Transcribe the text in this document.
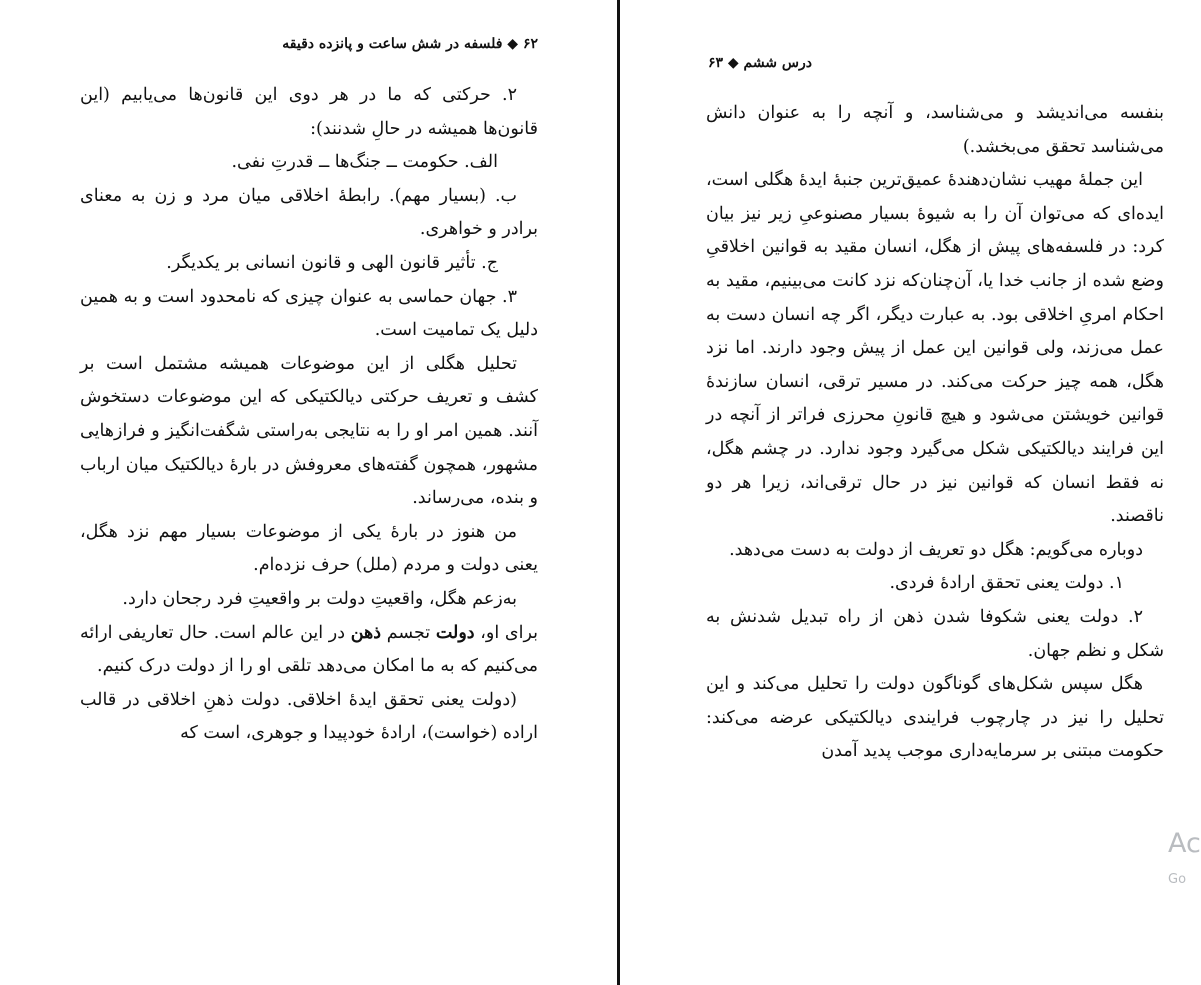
۶۲ ◆ فلسفه در شش ساعت و پانزده دقیقه
درس ششم ◆ ۶۳

۲. حرکتی که ما در هر دوی این قانون‌ها می‌یابیم (این قانون‌ها همیشه در حالِ شدنند):

الف. حکومت ــ جنگ‌ها ــ قدرتِ نفی.

ب. (بسیار مهم). رابطهٔ اخلاقی میان مرد و زن به معنای برادر و خواهری.

ج. تأثیر قانون الهی و قانون انسانی بر یکدیگر.

۳. جهان حماسی به عنوان چیزی که نامحدود است و به همین دلیل یک تمامیت است.

تحلیل هگلی از این موضوعات همیشه مشتمل است بر کشف و تعریف حرکتی دیالکتیکی که این موضوعات دستخوش آنند. همین امر او را به نتایجی به‌راستی شگفت‌انگیز و فرازهایی مشهور، همچون گفته‌های معروفش در بارهٔ دیالکتیک میان ارباب و بنده، می‌رساند.

من هنوز در بارهٔ یکی از موضوعات بسیار مهم نزد هگل، یعنی دولت و مردم (ملل) حرف نزده‌ام.

به‌زعم هگل، واقعیتِ دولت بر واقعیتِ فرد رجحان دارد.

برای او، دولت تجسم ذهن در این عالم است. حال تعاریفی ارائه می‌کنیم که به ما امکان می‌دهد تلقی او را از دولت درک کنیم.

(دولت یعنی تحقق ایدهٔ اخلاقی. دولت ذهنِ اخلاقی در قالب اراده (خواست)، ارادهٔ خودپیدا و جوهری، است که

بنفسه می‌اندیشد و می‌شناسد، و آنچه را به عنوان دانش می‌شناسد تحقق می‌بخشد.)

این جملهٔ مهیب نشان‌دهندهٔ عمیق‌ترین جنبهٔ ایدهٔ هگلی است، ایده‌ای که می‌توان آن را به شیوهٔ بسیار مصنوعیِ زیر نیز بیان کرد: در فلسفه‌های پیش از هگل، انسان مقید به قوانین اخلاقیِ وضع شده از جانب خدا یا، آن‌چنان‌که نزد کانت می‌بینیم، مقید به احکام امریِ اخلاقی بود. به عبارت دیگر، اگر چه انسان دست به عمل می‌زند، ولی قوانین این عمل از پیش وجود دارند. اما نزد هگل، همه چیز حرکت می‌کند. در مسیر ترقی، انسان سازندهٔ قوانین خویشتن می‌شود و هیچ قانونِ محرزی فراتر از آنچه در این فرایند دیالکتیکی شکل می‌گیرد وجود ندارد. در چشم هگل، نه فقط انسان که قوانین نیز در حال ترقی‌اند، زیرا هر دو ناقصند.

دوباره می‌گویم: هگل دو تعریف از دولت به دست می‌دهد.

۱. دولت یعنی تحقق ارادهٔ فردی.

۲. دولت یعنی شکوفا شدن ذهن از راه تبدیل شدنش به شکل و نظم جهان.

هگل سپس شکل‌های گوناگون دولت را تحلیل می‌کند و این تحلیل را نیز در چارچوب فرایندی دیالکتیکی عرضه می‌کند: حکومت مبتنی بر سرمایه‌داری موجب پدید آمدن

Ac
Go
